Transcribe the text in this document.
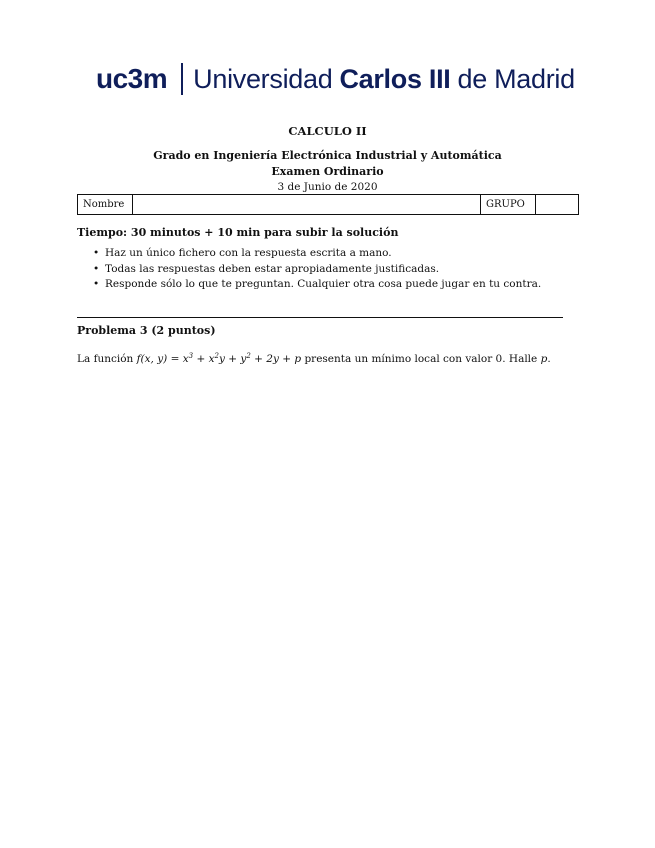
uc3m Universidad Carlos III de Madrid
CALCULO II
Grado en Ingeniería Electrónica Industrial y Automática
Examen Ordinario
3 de Junio de 2020
Nombre	GRUPO
Tiempo: 30 minutos + 10 min para subir la solución
• Haz un único fichero con la respuesta escrita a mano.
• Todas las respuestas deben estar apropiadamente justificadas.
• Responde sólo lo que te preguntan. Cualquier otra cosa puede jugar en tu contra.
Problema 3 (2 puntos)
La función f(x, $y) = x^3 + x^2y + y^2 + 2y + p$ presenta un mínimo local con valor 0. Halle p.
